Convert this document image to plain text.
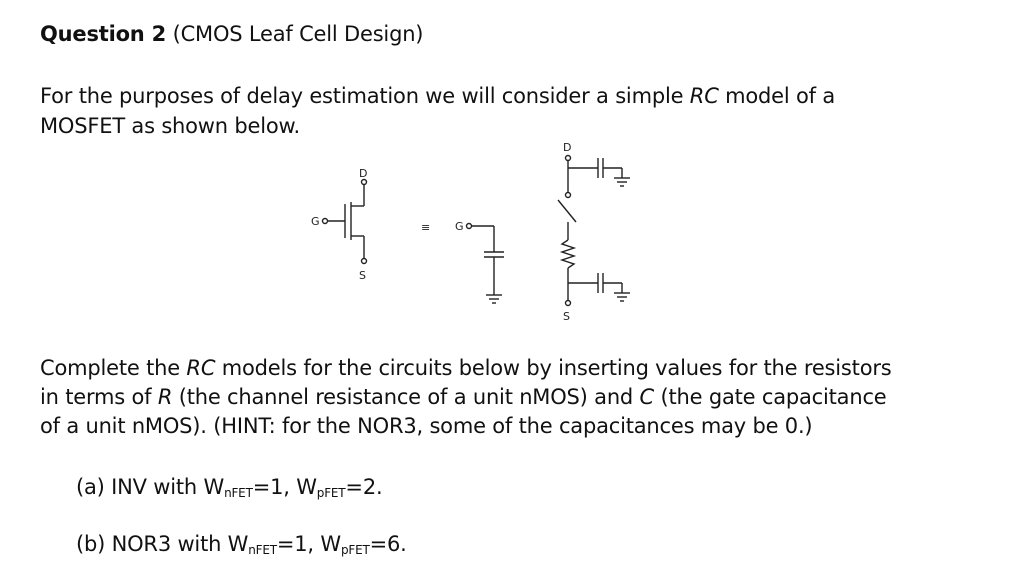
Question 2 (CMOS Leaf Cell Design)
For the purposes of delay estimation we will consider a simple RC model of a
MOSFET as shown below.
D
S
G	≡ G
D
S
Complete the RC models for the circuits below by inserting values for the resistors
in terms of R (the channel resistance of a unit nMOS) and C (the gate capacitance
of a unit nMOS). (HINT: for the NOR3, some of the capacitances may be 0.)
(a) INV with $W_{nFET}=1$, $W_{pFET}=2$.
(b) NOR3 with $W_{nFET}=1$, $W_{pFET}=6$.
